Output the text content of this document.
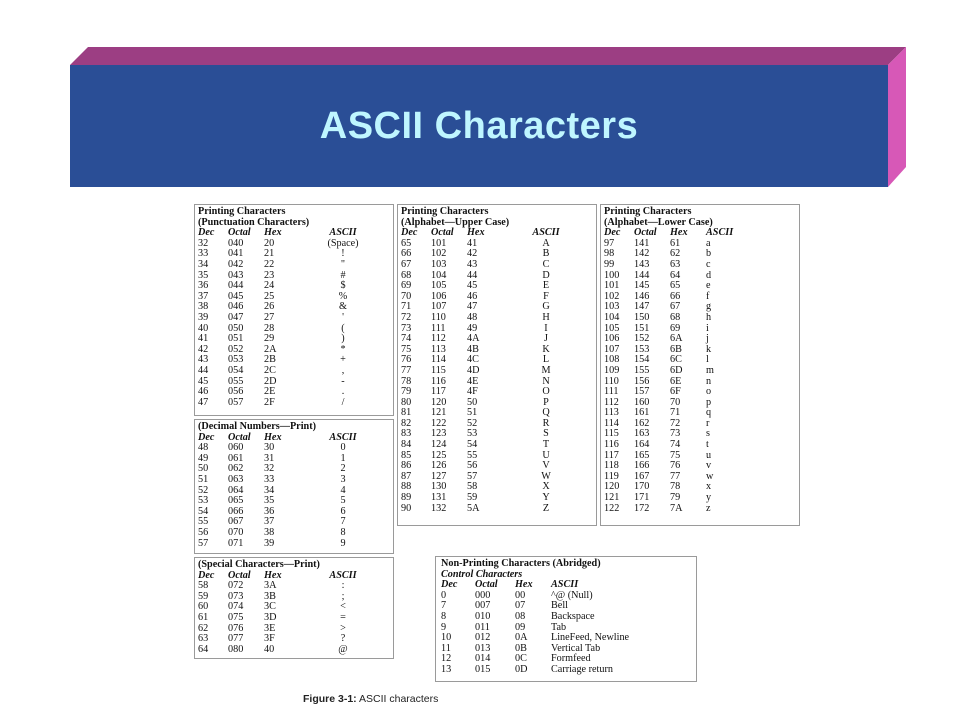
ASCII Characters
Printing Characters
(Punctuation Characters)
Dec	Octal	Hex	ASCII
32	040	20	(Space)
33	041	21	!
34	042	22	"
35	043	23	#
36	044	24	$
37	045	25	%
38	046	26	&
39	047	27	'
40	050	28	(
41	051	29	)
42	052	2A	*
43	053	2B	+
44	054	2C	,
45	055	2D	-
46	056	2E	.
47	057	2F	/
(Decimal Numbers—Print)
Dec	Octal	Hex	ASCII
48	060	30	0
49	061	31	1
50	062	32	2
51	063	33	3
52	064	34	4
53	065	35	5
54	066	36	6
55	067	37	7
56	070	38	8
57	071	39	9
(Special Characters—Print)
Dec	Octal	Hex	ASCII
58	072	3A	:
59	073	3B	;
60	074	3C	<
61	075	3D	=
62	076	3E	>
63	077	3F	?
64	080	40	@
Printing Characters
(Alphabet—Upper Case)
Dec	Octal	Hex	ASCII
65	101	41	A
66	102	42	B
67	103	43	C
68	104	44	D
69	105	45	E
70	106	46	F
71	107	47	G
72	110	48	H
73	111	49	I
74	112	4A	J
75	113	4B	K
76	114	4C	L
77	115	4D	M
78	116	4E	N
79	117	4F	O
80	120	50	P
81	121	51	Q
82	122	52	R
83	123	53	S
84	124	54	T
85	125	55	U
86	126	56	V
87	127	57	W
88	130	58	X
89	131	59	Y
90	132	5A	Z
Printing Characters
(Alphabet—Lower Case)
Dec	Octal	Hex	ASCII
97	141	61	a
98	142	62	b
99	143	63	c
100	144	64	d
101	145	65	e
102	146	66	f
103	147	67	g
104	150	68	h
105	151	69	i
106	152	6A	j
107	153	6B	k
108	154	6C	l
109	155	6D	m
110	156	6E	n
111	157	6F	o
112	160	70	p
113	161	71	q
114	162	72	r
115	163	73	s
116	164	74	t
117	165	75	u
118	166	76	v
119	167	77	w
120	170	78	x
121	171	79	y
122	172	7A	z
Non-Printing Characters (Abridged)
Control Characters
Dec	Octal	Hex	ASCII
0	000	00	^@ (Null)
7	007	07	Bell
8	010	08	Backspace
9	011	09	Tab
10	012	0A	LineFeed, Newline
11	013	0B	Vertical Tab
12	014	0C	Formfeed
13	015	0D	Carriage return
Figure 3-1: ASCII characters
